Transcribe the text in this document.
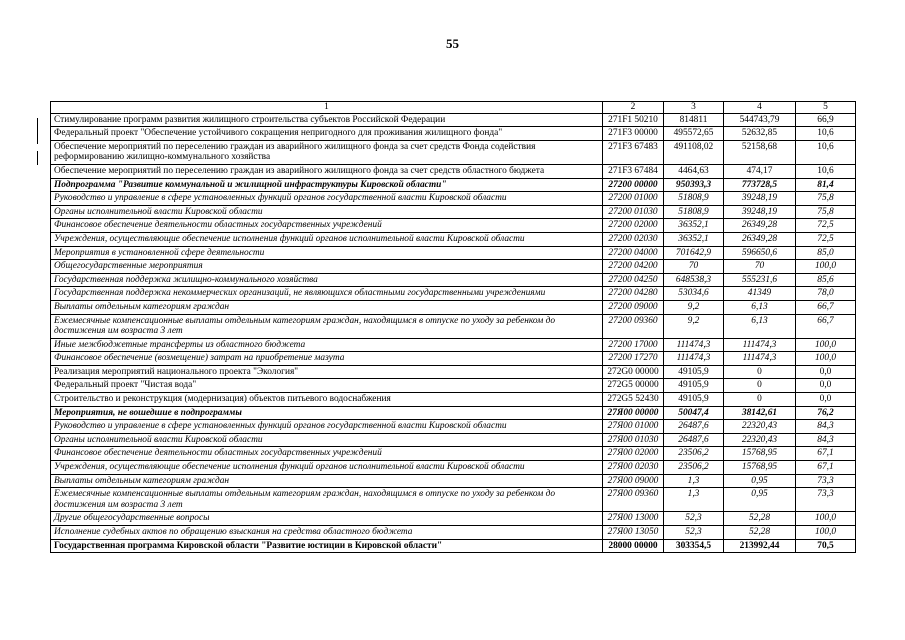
55
1	2	3	4	5
Стимулирование программ развития жилищного строительства субъектов Российской Федерации	271F1 50210	814811	544743,79	66,9
Федеральный проект "Обеспечение устойчивого сокращения непригодного для проживания жилищного фонда"	271F3 00000	495572,65	52632,85	10,6
Обеспечение мероприятий по переселению граждан из аварийного жилищного фонда за счет средств Фонда содействия реформированию жилищно-коммунального хозяйства	271F3 67483	491108,02	52158,68	10,6
Обеспечение мероприятий по переселению граждан из аварийного жилищного фонда за счет средств областного бюджета	271F3 67484	4464,63	474,17	10,6
Подпрограмма "Развитие коммунальной и жилищной инфраструктуры Кировской области"	27200 00000	950393,3	773728,5	81,4
Руководство и управление в сфере установленных функций органов государственной власти Кировской области	27200 01000	51808,9	39248,19	75,8
Органы исполнительной власти Кировской области	27200 01030	51808,9	39248,19	75,8
Финансовое обеспечение деятельности областных государственных учреждений	27200 02000	36352,1	26349,28	72,5
Учреждения, осуществляющие обеспечение исполнения функций органов исполнительной власти Кировской области	27200 02030	36352,1	26349,28	72,5
Мероприятия в установленной сфере деятельности	27200 04000	701642,9	596650,6	85,0
Общегосударственные мероприятия	27200 04200	70	70	100,0
Государственная поддержка жилищно-коммунального хозяйства	27200 04250	648538,3	555231,6	85,6
Государственная поддержка некоммерческих организаций, не являющихся областными государственными учреждениями	27200 04280	53034,6	41349	78,0
Выплаты отдельным категориям граждан	27200 09000	9,2	6,13	66,7
Ежемесячные компенсационные выплаты отдельным категориям граждан, находящимся в отпуске по уходу за ребенком до достижения им возраста 3 лет	27200 09360	9,2	6,13	66,7
Иные межбюджетные трансферты из областного бюджета	27200 17000	111474,3	111474,3	100,0
Финансовое обеспечение (возмещение) затрат на приобретение мазута	27200 17270	111474,3	111474,3	100,0
Реализация мероприятий национального проекта "Экология"	272G0 00000	49105,9	0	0,0
Федеральный проект "Чистая вода"	272G5 00000	49105,9	0	0,0
Строительство и реконструкция (модернизация) объектов питьевого водоснабжения	272G5 52430	49105,9	0	0,0
Мероприятия, не вошедшие в подпрограммы	27Я00 00000	50047,4	38142,61	76,2
Руководство и управление в сфере установленных функций органов государственной власти Кировской области	27Я00 01000	26487,6	22320,43	84,3
Органы исполнительной власти Кировской области	27Я00 01030	26487,6	22320,43	84,3
Финансовое обеспечение деятельности областных государственных учреждений	27Я00 02000	23506,2	15768,95	67,1
Учреждения, осуществляющие обеспечение исполнения функций органов исполнительной власти Кировской области	27Я00 02030	23506,2	15768,95	67,1
Выплаты отдельным категориям граждан	27Я00 09000	1,3	0,95	73,3
Ежемесячные компенсационные выплаты отдельным категориям граждан, находящимся в отпуске по уходу за ребенком до достижения им возраста 3 лет	27Я00 09360	1,3	0,95	73,3
Другие общегосударственные вопросы	27Я00 13000	52,3	52,28	100,0
Исполнение судебных актов по обращению взыскания на средства областного бюджета	27Я00 13050	52,3	52,28	100,0
Государственная программа Кировской области "Развитие юстиции в Кировской области"	28000 00000	303354,5	213992,44	70,5
